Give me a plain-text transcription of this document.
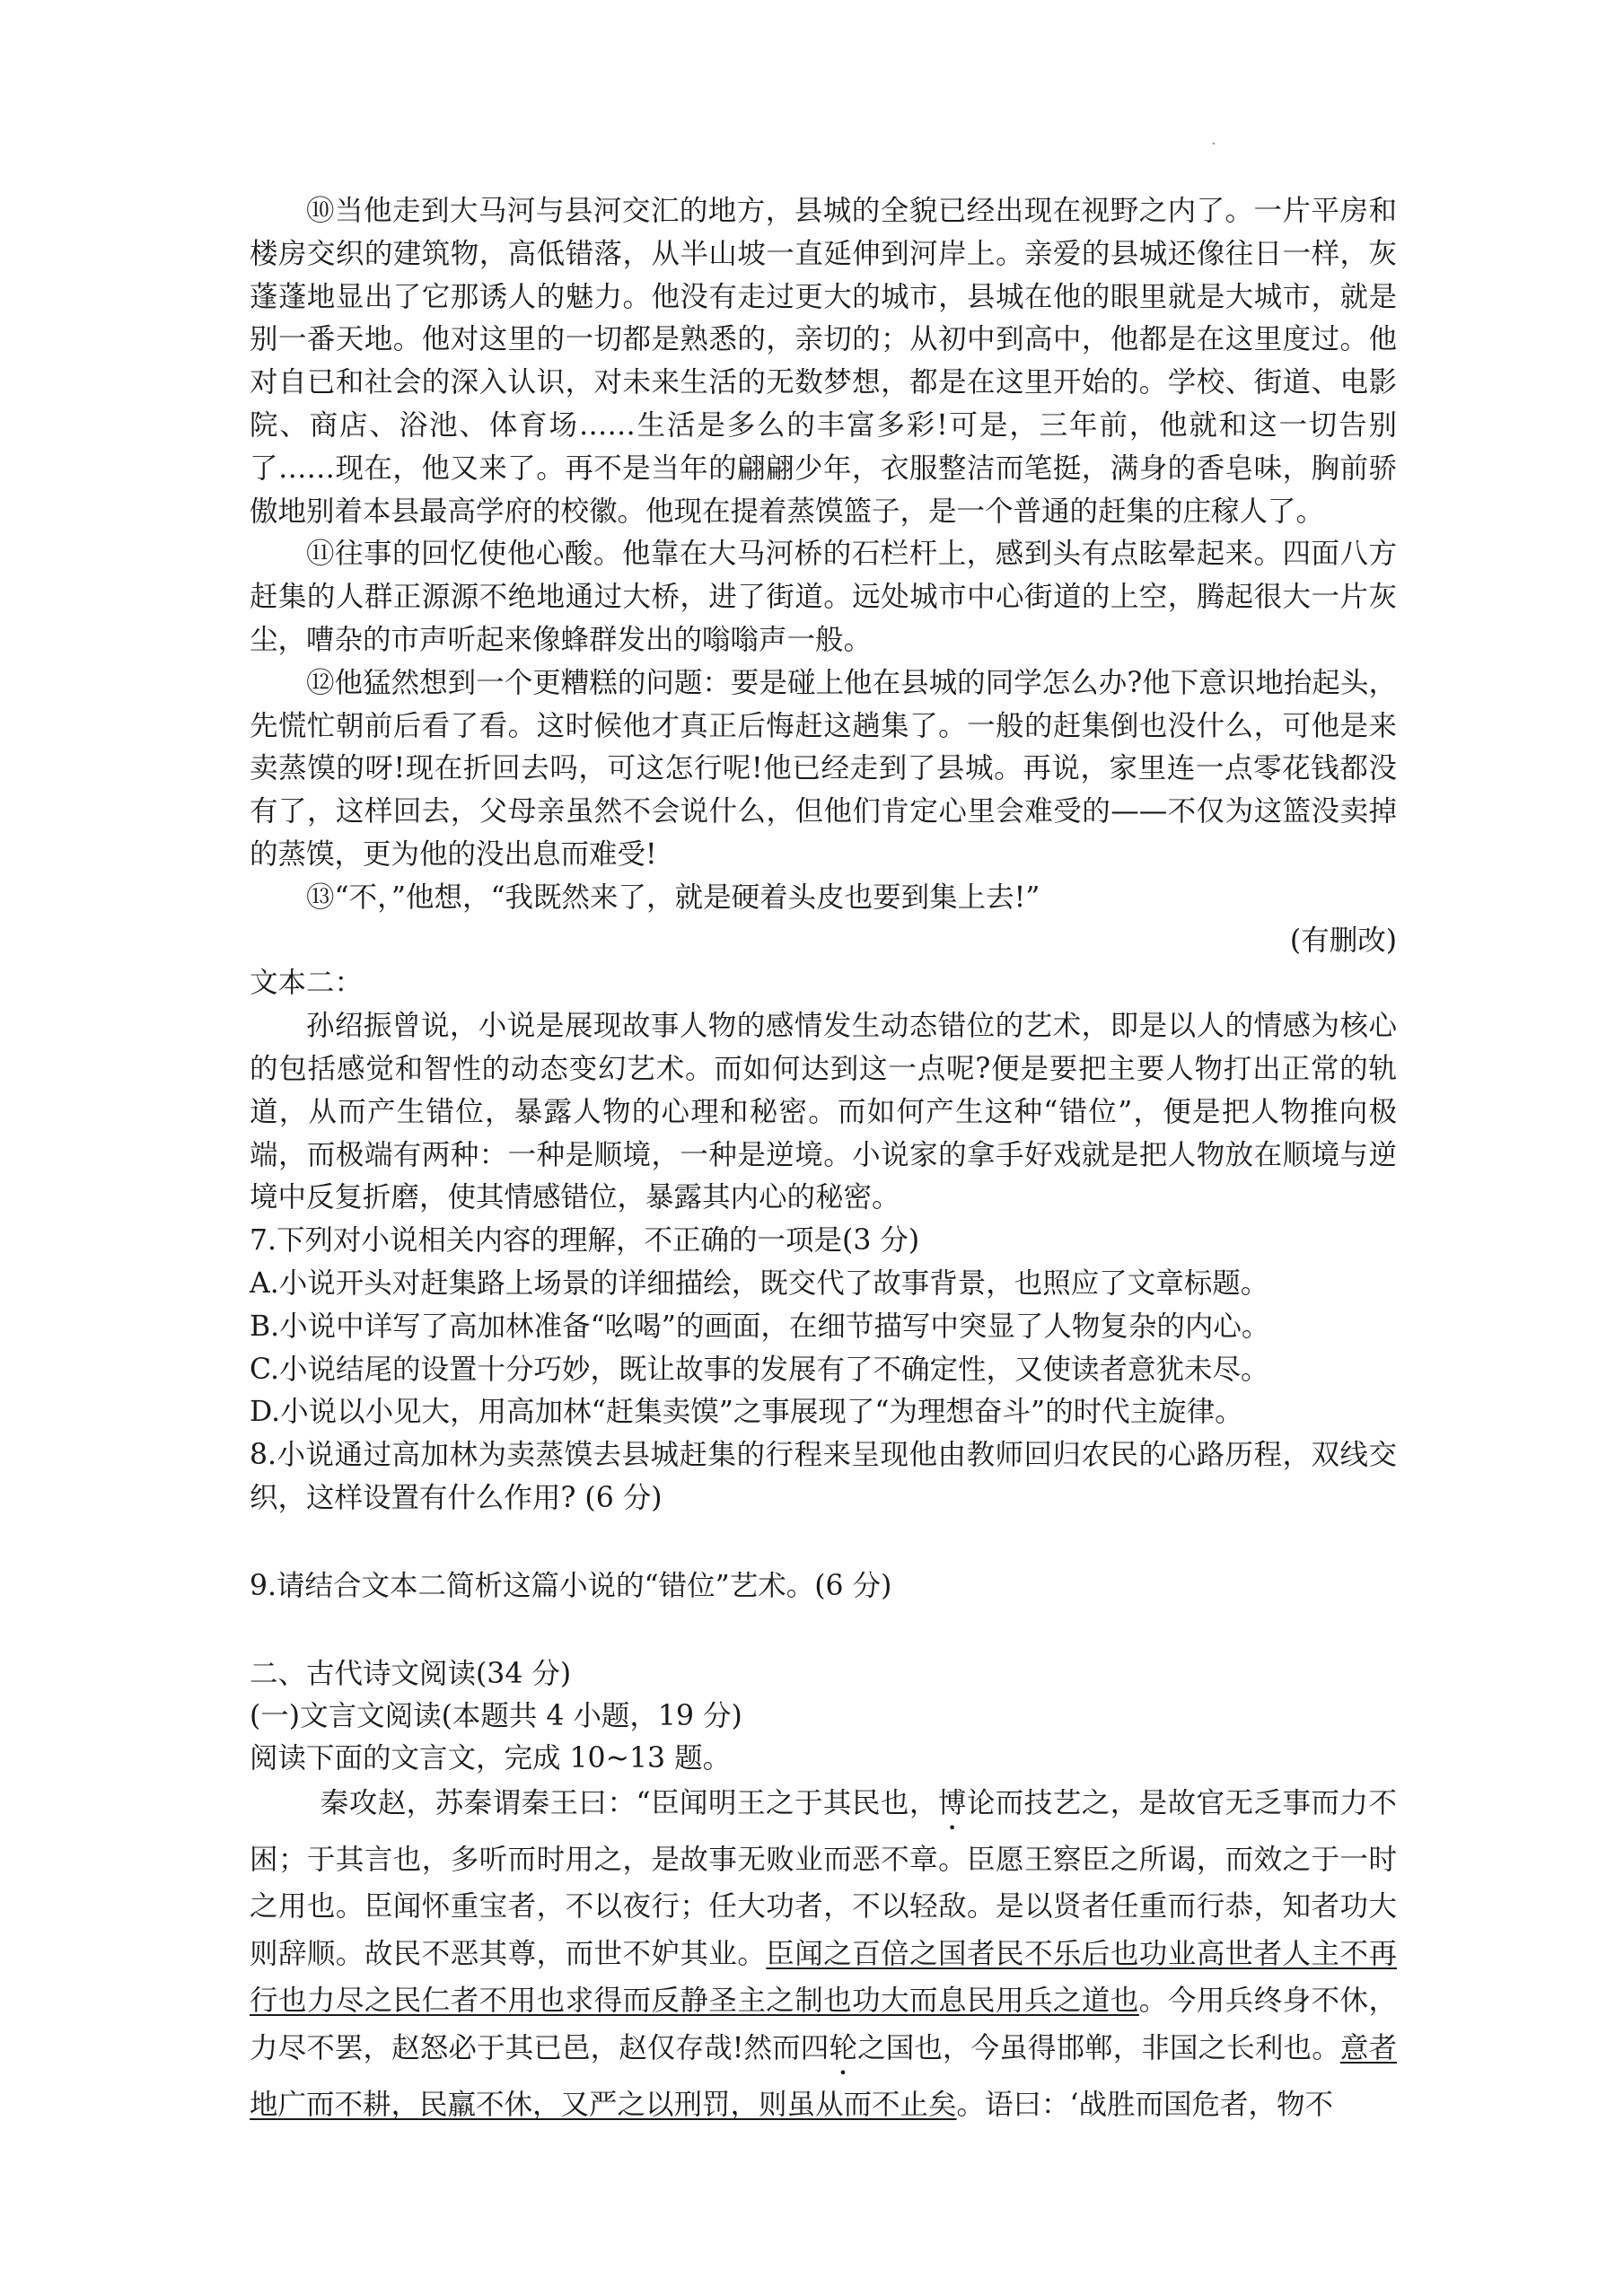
·

⑩当他走到大马河与县河交汇的地方，县城的全貌已经出现在视野之内了。一片平房和楼房交织的建筑物，高低错落，从半山坡一直延伸到河岸上。亲爱的县城还像往日一样，灰蓬蓬地显出了它那诱人的魅力。他没有走过更大的城市，县城在他的眼里就是大城市，就是别一番天地。他对这里的一切都是熟悉的，亲切的；从初中到高中，他都是在这里度过。他对自已和社会的深入认识，对未来生活的无数梦想，都是在这里开始的。学校、街道、电影院、商店、浴池、体育场……生活是多么的丰富多彩!可是，三年前，他就和这一切告别了……现在，他又来了。再不是当年的翩翩少年，衣服整洁而笔挺，满身的香皂味，胸前骄傲地别着本县最高学府的校徽。他现在提着蒸馍篮子，是一个普通的赶集的庄稼人了。

⑪往事的回忆使他心酸。他靠在大马河桥的石栏杆上，感到头有点眩晕起来。四面八方赶集的人群正源源不绝地通过大桥，进了街道。远处城市中心街道的上空，腾起很大一片灰尘，嘈杂的市声听起来像蜂群发出的嗡嗡声一般。

⑫他猛然想到一个更糟糕的问题：要是碰上他在县城的同学怎么办?他下意识地抬起头，先慌忙朝前后看了看。这时候他才真正后悔赶这趟集了。一般的赶集倒也没什么，可他是来卖蒸馍的呀!现在折回去吗，可这怎行呢!他已经走到了县城。再说，家里连一点零花钱都没有了，这样回去，父母亲虽然不会说什么，但他们肯定心里会难受的——不仅为这篮没卖掉的蒸馍，更为他的没出息而难受!

⑬“不，”他想，“我既然来了，就是硬着头皮也要到集上去!”

(有删改)

文本二：

孙绍振曾说，小说是展现故事人物的感情发生动态错位的艺术，即是以人的情感为核心的包括感觉和智性的动态变幻艺术。而如何达到这一点呢?便是要把主要人物打出正常的轨道，从而产生错位，暴露人物的心理和秘密。而如何产生这种“错位”，便是把人物推向极端，而极端有两种：一种是顺境，一种是逆境。小说家的拿手好戏就是把人物放在顺境与逆境中反复折磨，使其情感错位，暴露其内心的秘密。

7.下列对小说相关内容的理解，不正确的一项是(3 分)

A.小说开头对赶集路上场景的详细描绘，既交代了故事背景，也照应了文章标题。

B.小说中详写了高加林准备“吆喝”的画面，在细节描写中突显了人物复杂的内心。

C.小说结尾的设置十分巧妙，既让故事的发展有了不确定性，又使读者意犹未尽。

D.小说以小见大，用高加林“赶集卖馍”之事展现了“为理想奋斗”的时代主旋律。

8.小说通过高加林为卖蒸馍去县城赶集的行程来呈现他由教师回归农民的心路历程，双线交织，这样设置有什么作用? (6 分)

9.请结合文本二简析这篇小说的“错位”艺术。(6 分)

二、古代诗文阅读(34 分)

(一)文言文阅读(本题共 4 小题，19 分)

阅读下面的文言文，完成 10~13 题。

秦攻赵，苏秦谓秦王曰：“臣闻明王之于其民也，博论而技艺之，是故官无乏事而力不困；于其言也，多听而时用之，是故事无败业而恶不章。臣愿王察臣之所谒，而效之于一时之用也。臣闻怀重宝者，不以夜行；任大功者，不以轻敌。是以贤者任重而行恭，知者功大则辞顺。故民不恶其尊，而世不妒其业。臣闻之百倍之国者民不乐后也功业高世者人主不再行也力尽之民仁者不用也求得而反静圣主之制也功大而息民用兵之道也。今用兵终身不休，力尽不罢，赵怒必于其已邑，赵仅存哉!然而四轮之国也，今虽得邯郸，非国之长利也。意者地广而不耕，民羸不休，又严之以刑罚，则虽从而不止矣。语曰：‘战胜而国危者，物不
